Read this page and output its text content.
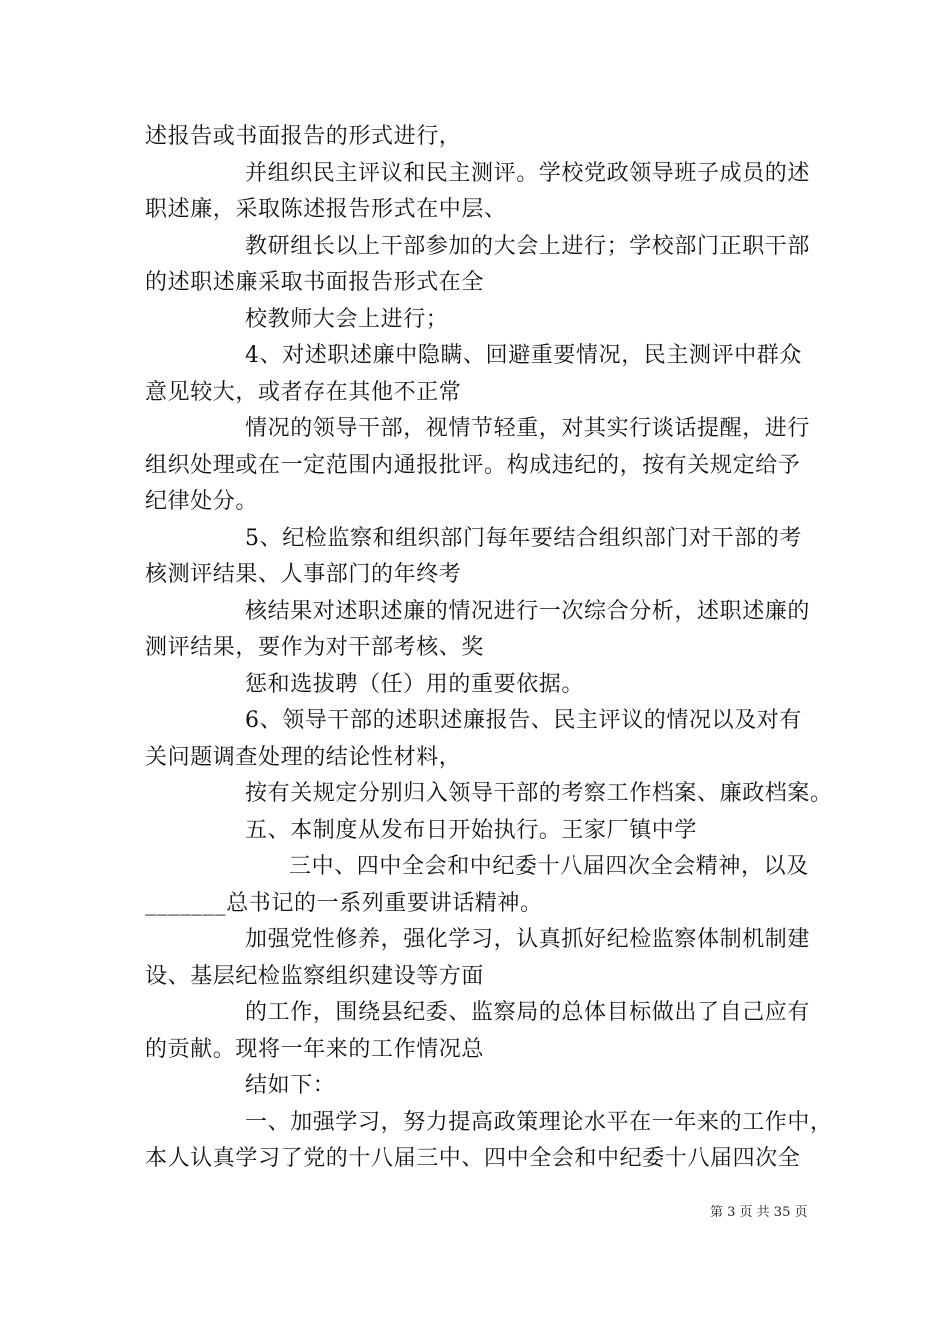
述报告或书面报告的形式进行，
并组织民主评议和民主测评。学校党政领导班子成员的述
职述廉，采取陈述报告形式在中层、
教研组长以上干部参加的大会上进行；学校部门正职干部
的述职述廉采取书面报告形式在全
校教师大会上进行；
4、对述职述廉中隐瞒、回避重要情况，民主测评中群众
意见较大，或者存在其他不正常
情况的领导干部，视情节轻重，对其实行谈话提醒，进行
组织处理或在一定范围内通报批评。构成违纪的，按有关规定给予
纪律处分。
5、纪检监察和组织部门每年要结合组织部门对干部的考
核测评结果、人事部门的年终考
核结果对述职述廉的情况进行一次综合分析，述职述廉的
测评结果，要作为对干部考核、奖
惩和选拔聘（任）用的重要依据。
6、领导干部的述职述廉报告、民主评议的情况以及对有
关问题调查处理的结论性材料，
按有关规定分别归入领导干部的考察工作档案、廉政档案。
五、本制度从发布日开始执行。王家厂镇中学
三中、四中全会和中纪委十八届四次全会精神，以及
_______总书记的一系列重要讲话精神。
加强党性修养，强化学习，认真抓好纪检监察体制机制建
设、基层纪检监察组织建设等方面
的工作，围绕县纪委、监察局的总体目标做出了自己应有
的贡献。现将一年来的工作情况总
结如下：
一、加强学习，努力提高政策理论水平在一年来的工作中，
本人认真学习了党的十八届三中、四中全会和中纪委十八届四次全
第 3 页 共 35 页
